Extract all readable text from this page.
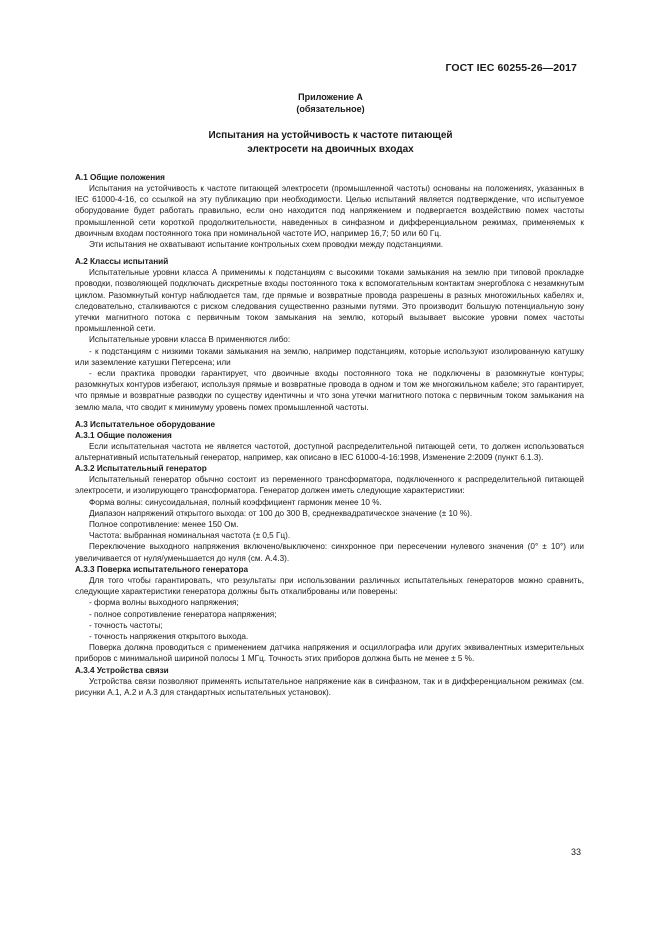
ГОСТ IEC 60255-26—2017
Приложение А
(обязательное)
Испытания на устойчивость к частоте питающей
электросети на двоичных входах
А.1 Общие положения

Испытания на устойчивость к частоте питающей электросети (промышленной частоты) основаны на положениях, указанных в IEC 61000-4-16, со ссылкой на эту публикацию при необходимости. Целью испытаний является подтверждение, что испытуемое оборудование будет работать правильно, если оно находится под напряжением и подвергается воздействию помех частоты промышленной сети короткой продолжительности, наведенных в синфазном и дифференциальном режимах, применяемых к двоичным входам постоянного тока при номинальной частоте ИО, например 16,7; 50 или 60 Гц.

Эти испытания не охватывают испытание контрольных схем проводки между подстанциями.

А.2 Классы испытаний

Испытательные уровни класса А применимы к подстанциям с высокими токами замыкания на землю при типовой прокладке проводки, позволяющей подключать дискретные входы постоянного тока к вспомогательным контактам энергоблока с незамкнутым циклом. Разомкнутый контур наблюдается там, где прямые и возвратные провода разрешены в разных многожильных кабелях и, следовательно, сталкиваются с риском следования существенно разными путями. Это производит большую потенциальную зону утечки магнитного потока с первичным током замыкания на землю, который вызывает высокие уровни помех частоты промышленной сети.

Испытательные уровни класса В применяются либо:

- к подстанциям с низкими токами замыкания на землю, например подстанциям, которые используют изолированную катушку или заземление катушки Петерсена; или

- если практика проводки гарантирует, что двоичные входы постоянного тока не подключены в разомкнутые контуры; разомкнутых контуров избегают, используя прямые и возвратные провода в одном и том же многожильном кабеле; это гарантирует, что прямые и возвратные разводки по существу идентичны и что зона утечки магнитного потока с первичным током замыкания на землю мала, что сводит к минимуму уровень помех промышленной частоты.

А.3 Испытательное оборудование
А.3.1 Общие положения

Если испытательная частота не является частотой, доступной распределительной питающей сети, то должен использоваться альтернативный испытательный генератор, например, как описано в IEC 61000-4-16:1998, Изменение 2:2009 (пункт 6.1.3).

А.3.2 Испытательный генератор

Испытательный генератор обычно состоит из переменного трансформатора, подключенного к распределительной питающей электросети, и изолирующего трансформатора. Генератор должен иметь следующие характеристики:

Форма волны: синусоидальная, полный коэффициент гармоник менее 10 %.

Диапазон напряжений открытого выхода: от 100 до 300 В, среднеквадратическое значение (± 10 %).

Полное сопротивление: менее 150 Ом.

Частота: выбранная номинальная частота (± 0,5 Гц).

Переключение выходного напряжения включено/выключено: синхронное при пересечении нулевого значения (0° ± 10°) или увеличивается от нуля/уменьшается до нуля (см. А.4.3).

А.3.3 Поверка испытательного генератора

Для того чтобы гарантировать, что результаты при использовании различных испытательных генераторов можно сравнить, следующие характеристики генератора должны быть откалиброваны или поверены:

- форма волны выходного напряжения;

- полное сопротивление генератора напряжения;

- точность частоты;

- точность напряжения открытого выхода.

Поверка должна проводиться с применением датчика напряжения и осциллографа или других эквивалентных измерительных приборов с минимальной шириной полосы 1 МГц. Точность этих приборов должна быть не менее ± 5 %.

А.3.4 Устройства связи

Устройства связи позволяют применять испытательное напряжение как в синфазном, так и в дифференциальном режимах (см. рисунки А.1, А.2 и А.3 для стандартных испытательных установок).

33
